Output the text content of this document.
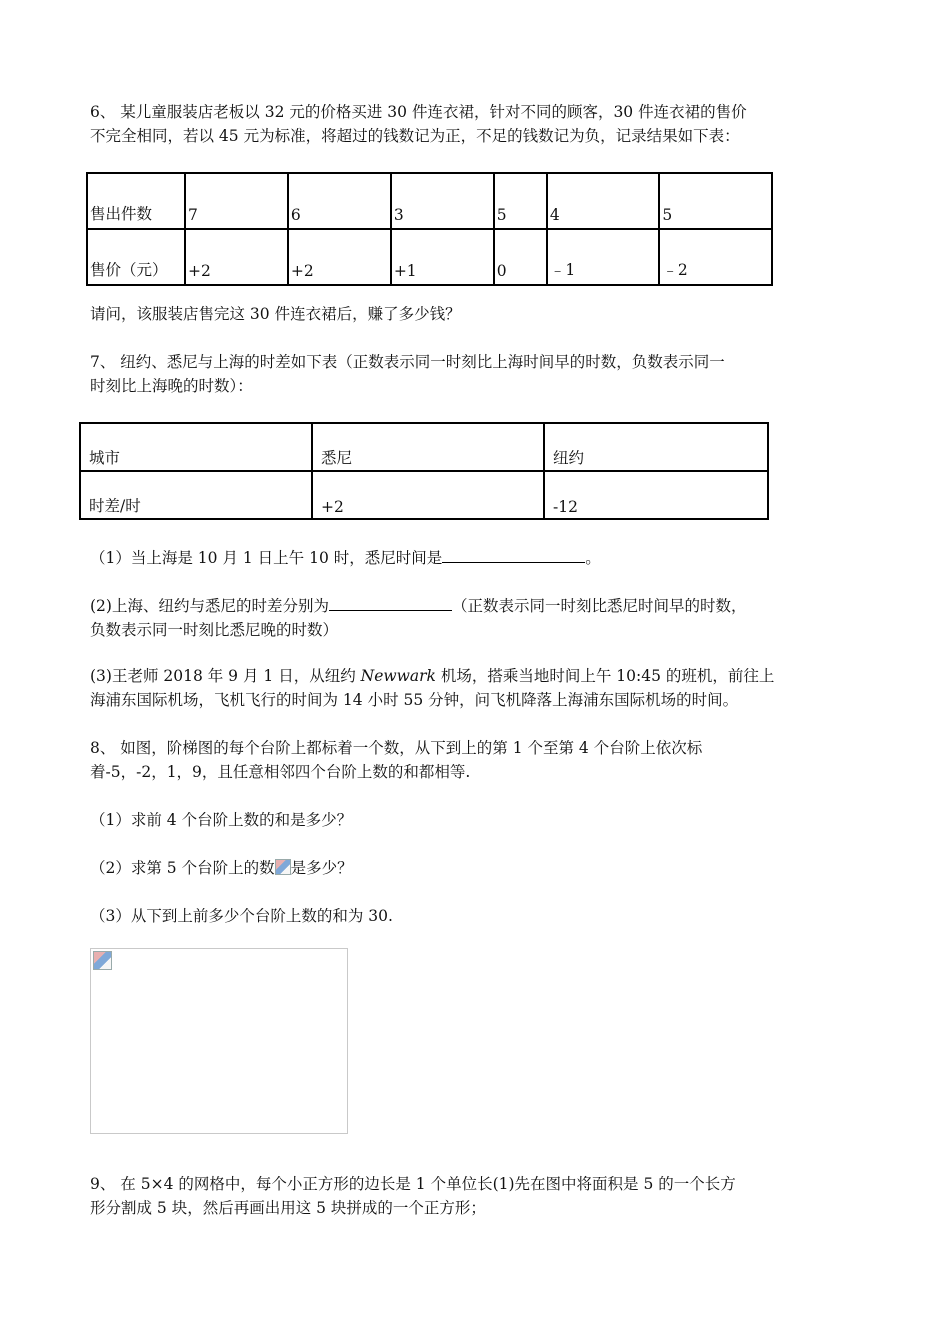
6、 某儿童服装店老板以 32 元的价格买进 30 件连衣裙，针对不同的顾客，30 件连衣裙的售价
不完全相同，若以 45 元为标准，将超过的钱数记为正，不足的钱数记为负，记录结果如下表：

售出件数	7	6	3	5	4	5
售价（元）	+2	+2	+1	0	﹣1	﹣2

请问，该服装店售完这 30 件连衣裙后，赚了多少钱？

7、 纽约、悉尼与上海的时差如下表（正数表示同一时刻比上海时间早的时数，负数表示同一
时刻比上海晚的时数）：

城市	悉尼	纽约
时差/时	+2	-12

（1）当上海是 10 月 1 日上午 10 时，悉尼时间是	。

(2)上海、纽约与悉尼的时差分别为	（正数表示同一时刻比悉尼时间早的时数，
负数表示同一时刻比悉尼晚的时数）

(3)王老师 2018 年 9 月 1 日，从纽约 Newwark 机场，搭乘当地时间上午 10:45 的班机，前往上
海浦东国际机场，飞机飞行的时间为 14 小时 55 分钟，问飞机降落上海浦东国际机场的时间。

8、 如图，阶梯图的每个台阶上都标着一个数，从下到上的第 1 个至第 4 个台阶上依次标
着-5，-2，1，9，且任意相邻四个台阶上数的和都相等.

（1）求前 4 个台阶上数的和是多少？

（2）求第 5 个台阶上的数 是多少？

（3）从下到上前多少个台阶上数的和为 30.

9、 在 5×4 的网格中，每个小正方形的边长是 1 个单位长(1)先在图中将面积是 5 的一个长方
形分割成 5 块，然后再画出用这 5 块拼成的一个正方形；
